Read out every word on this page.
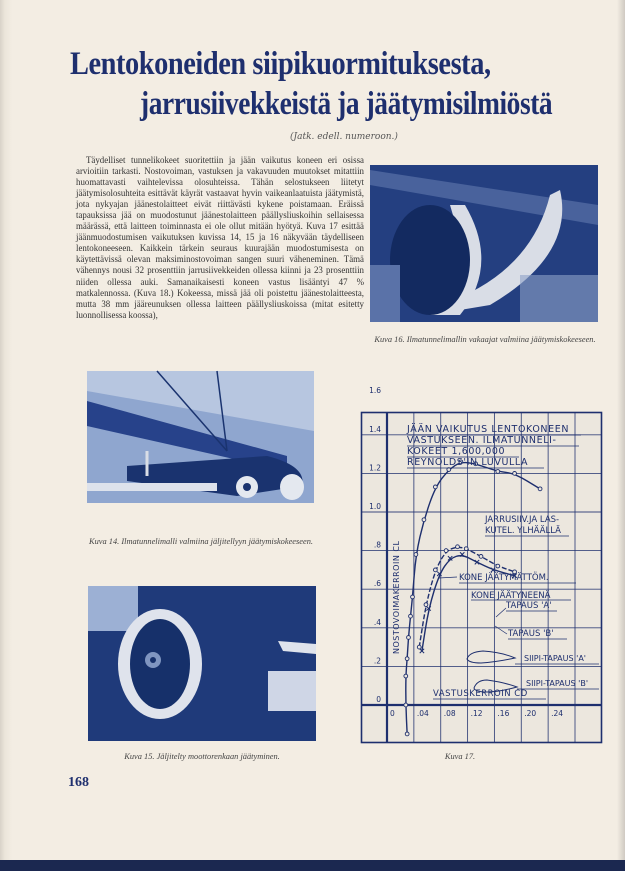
Lentokoneiden siipikuormituksesta,
jarrusiivekkeistä ja jäätymisilmiöstä
(Jatk. edell. numeroon.)
Täydelliset tunnelikokeet suoritettiin ja jään vaikutus koneen eri osissa arvioitiin tarkasti. Nostovoiman, vastuksen ja vakavuuden muutokset mitattiin huomattavasti vaihtelevissa olosuhteissa. Tähän selostukseen liitetyt jäätymisolosuhteita esittävät käyrät vastaavat hyvin vaikeanlaatuista jäätymistä, jota nykyajan jäänestolaitteet eivät riittävästi kykene poistamaan. Eräissä tapauksissa jää on muodostunut jäänestolaitteen päällysliuskoihin sellaisessa määrässä, että laitteen toiminnasta ei ole ollut mitään hyötyä. Kuva 17 esittää jäänmuodostumisen vaikutuksen kuvissa 14, 15 ja 16 näkyvään täydelliseen lentokoneeseen. Kaikkein tärkein seuraus kuurajään muodostumisesta on käytettävissä olevan maksiminostovoiman sangen suuri väheneminen. Tämä vähennys nousi 32 prosenttiin jarrusiivekkeiden ollessa kiinni ja 23 prosenttiin niiden ollessa auki. Samanaikaisesti koneen vastus lisääntyi 47 % matkalennossa. (Kuva 18.) Kokeessa, missä jää oli poistettu jäänestolaitteesta, mutta 38 mm jääreunuksen ollessa laitteen päällysliuskoissa (mitat esitetty luonnollisessa koossa),
Kuva 16. Ilmatunnelimallin vakaajat valmiina jäätymiskokeeseen.
Kuva 14. Ilmatunnelimalli valmiina jäljitellyyn jäätymiskokeeseen.
Kuva 15. Jäljitelty moottorenkaan jäätyminen.
0
.2
.4
.6
.8
1.0
1.2
1.4
1.6
0	.04 .08 .12 .16 .20 .24
JÄÄN VAIKUTUS LENTOKONEEN
VASTUKSEEN. ILMATUNNELI-
KOKEET 1,600,000
REYNOLDS'IN LUVULLA
JARRUSIIV.JA LAS-
KUTEL. YLHÄÄLLÄ
KONE JÄÄTYMÄTTÖM.
KONE JÄÄTYNEENÄ
TAPAUS 'A'
TAPAUS 'B'
SIIPI-TAPAUS 'A'
SIIPI-TAPAUS 'B'
VASTUSKERROIN CD
NOSTOVOIMAKERROIN CL
Kuva 17.
168
